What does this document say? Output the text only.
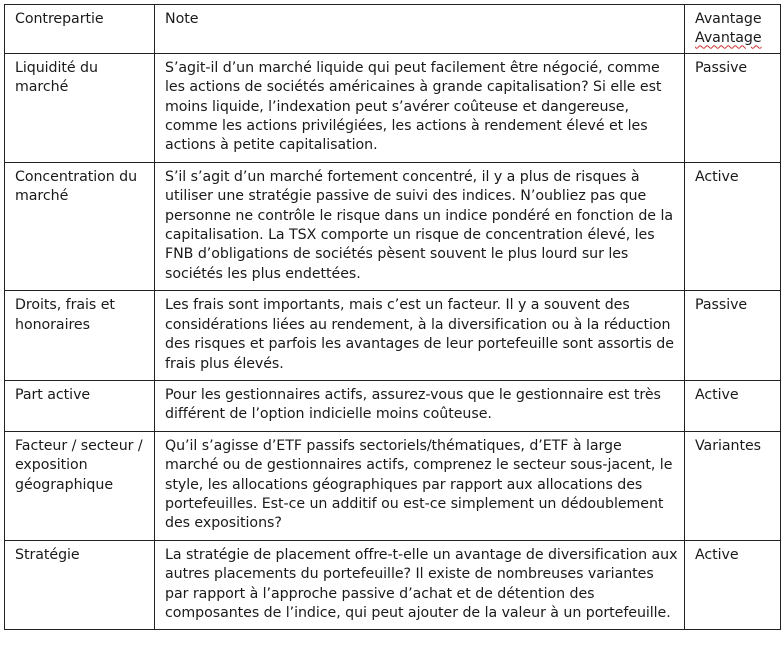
Contrepartie	Note	Avantage
Avantage
Liquidité du marché	S’agit-il d’un marché liquide qui peut facilement être négocié, comme les actions de sociétés américaines à grande capitalisation? Si elle est moins liquide, l’indexation peut s’avérer coûteuse et dangereuse, comme les actions privilégiées, les actions à rendement élevé et les actions à petite capitalisation.	Passive
Concentration du marché	S’il s’agit d’un marché fortement concentré, il y a plus de risques à utiliser une stratégie passive de suivi des indices. N’oubliez pas que personne ne contrôle le risque dans un indice pondéré en fonction de la capitalisation. La TSX comporte un risque de concentration élevé, les FNB d’obligations de sociétés pèsent souvent le plus lourd sur les sociétés les plus endettées.	Active
Droits, frais et honoraires	Les frais sont importants, mais c’est un facteur. Il y a souvent des considérations liées au rendement, à la diversification ou à la réduction des risques et parfois les avantages de leur portefeuille sont assortis de frais plus élevés.	Passive
Part active	Pour les gestionnaires actifs, assurez-vous que le gestionnaire est très différent de l’option indicielle moins coûteuse.	Active
Facteur / secteur / exposition géographique	Qu’il s’agisse d’ETF passifs sectoriels/thématiques, d’ETF à large marché ou de gestionnaires actifs, comprenez le secteur sous-jacent, le style, les allocations géographiques par rapport aux allocations des portefeuilles. Est-ce un additif ou est-ce simplement un dédoublement des expositions?	Variantes
Stratégie	La stratégie de placement offre-t-elle un avantage de diversification aux autres placements du portefeuille? Il existe de nombreuses variantes par rapport à l’approche passive d’achat et de détention des composantes de l’indice, qui peut ajouter de la valeur à un portefeuille.	Active
